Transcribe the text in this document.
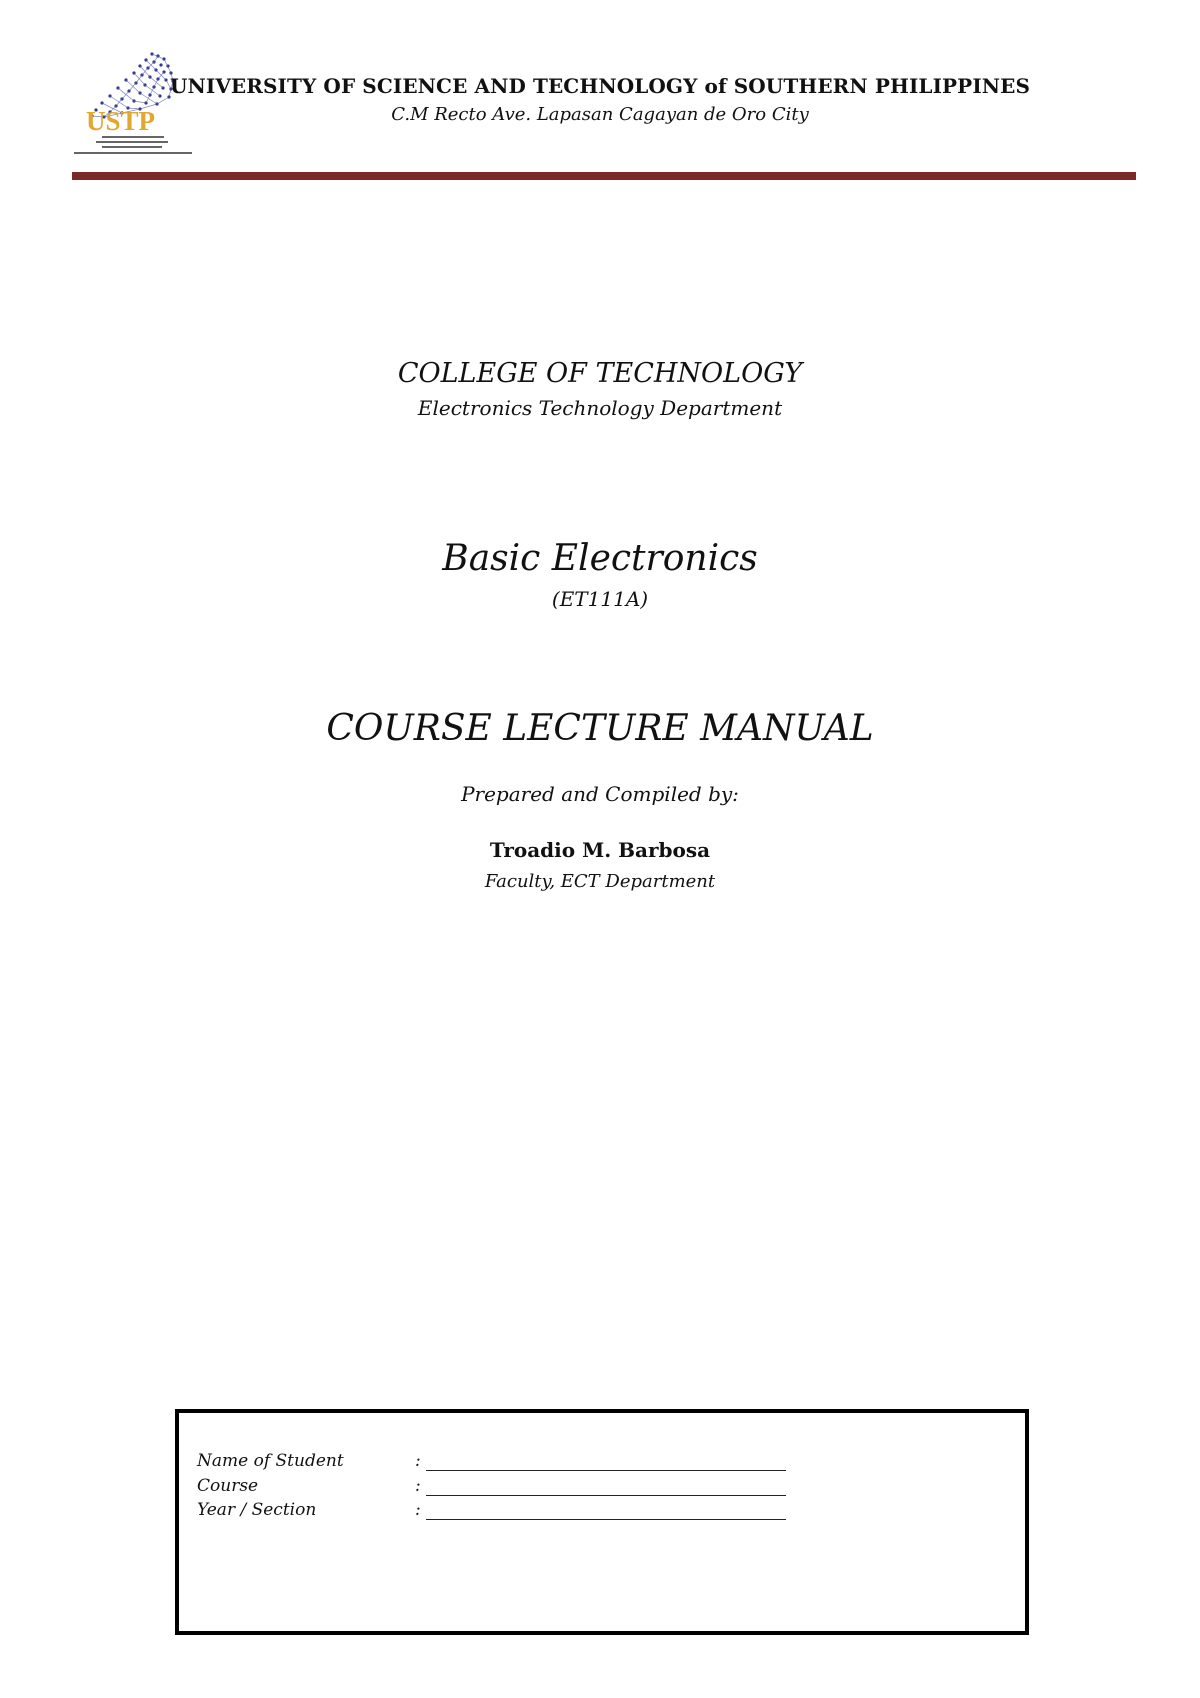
USTP
UNIVERSITY OF SCIENCE AND TECHNOLOGY of SOUTHERN PHILIPPINES
C.M Recto Ave. Lapasan Cagayan de Oro City
COLLEGE OF TECHNOLOGY
Electronics Technology Department
Basic Electronics
(ET111A)
COURSE LECTURE MANUAL
Prepared and Compiled by:
Troadio M. Barbosa
Faculty, ECT Department
Name of Student	:
Course	:
Year / Section	:
